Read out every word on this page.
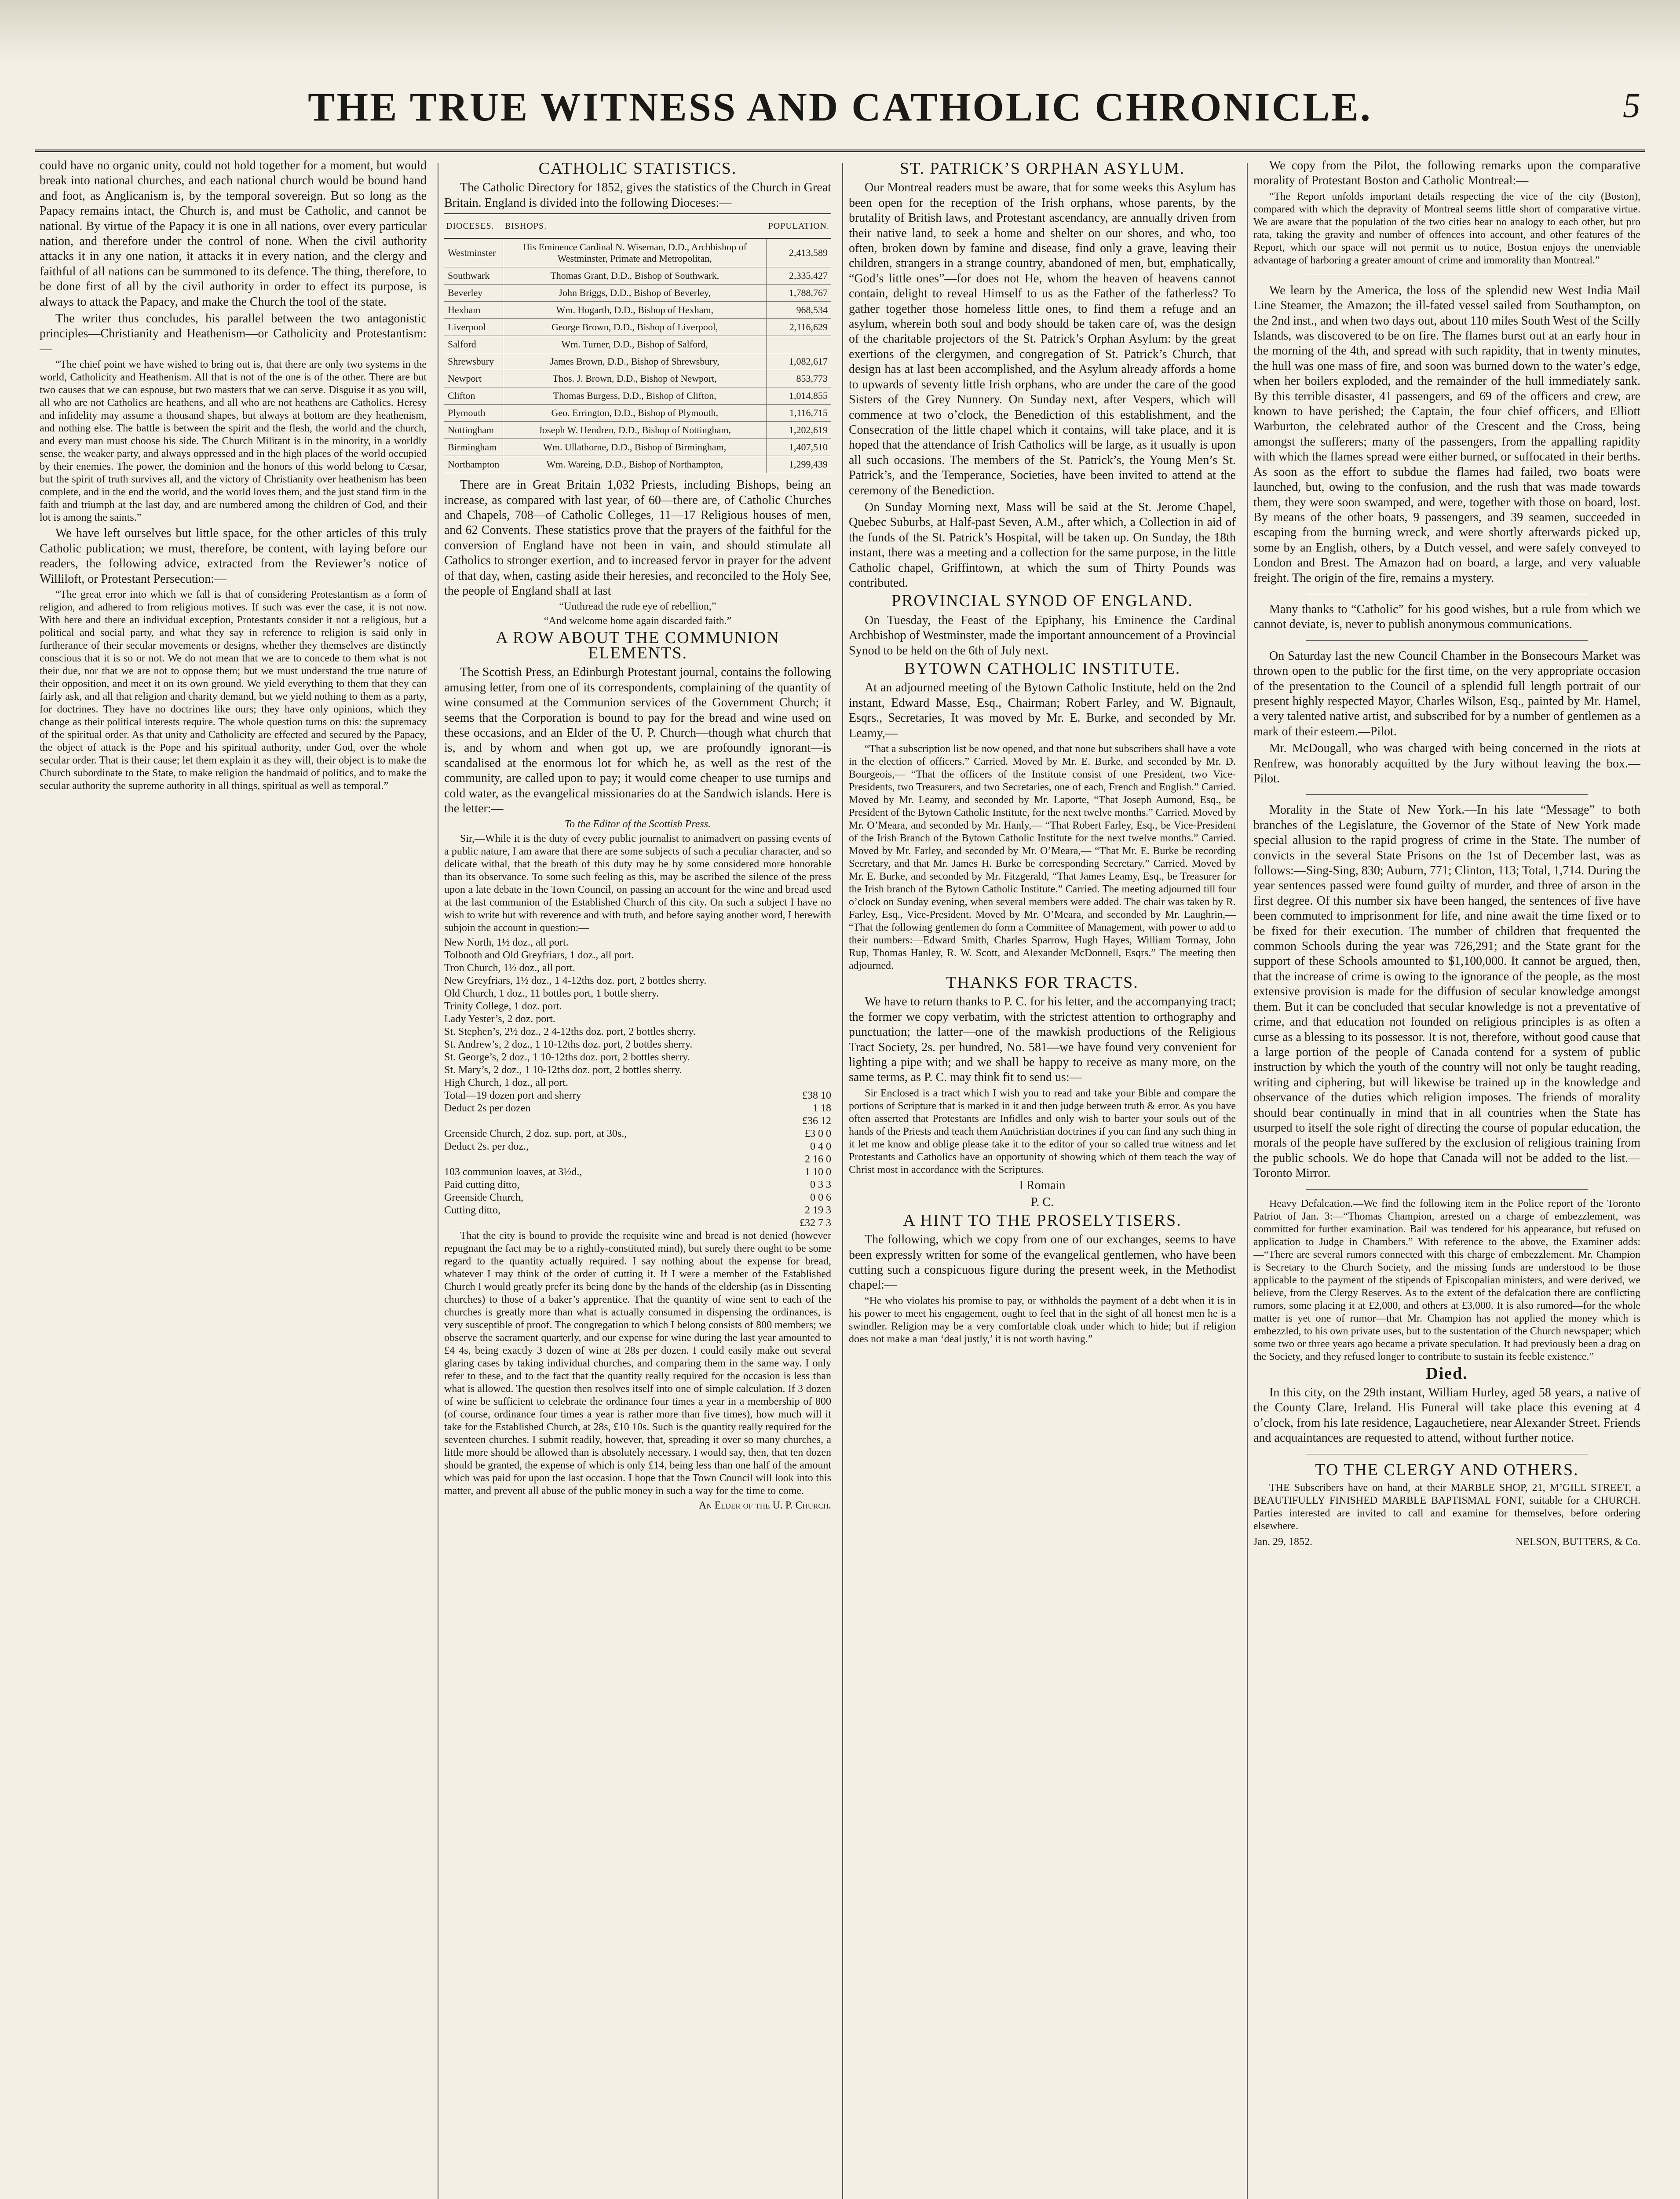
THE TRUE WITNESS AND CATHOLIC CHRONICLE.	5

could have no organic unity, could not hold together for a moment, but would break into national churches, and each national church would be bound hand and foot, as Anglicanism is, by the temporal sovereign. But so long as the Papacy remains intact, the Church is, and must be Catholic, and cannot be national. By virtue of the Papacy it is one in all nations, over every particular nation, and therefore under the control of none. When the civil authority attacks it in any one nation, it attacks it in every nation, and the clergy and faithful of all nations can be summoned to its defence. The thing, therefore, to be done first of all by the civil authority in order to effect its purpose, is always to attack the Papacy, and make the Church the tool of the state.

The writer thus concludes, his parallel between the two antagonistic principles—Christianity and Heathenism—or Catholicity and Protestantism:—

“The chief point we have wished to bring out is, that there are only two systems in the world, Catholicity and Heathenism. All that is not of the one is of the other. There are but two causes that we can espouse, but two masters that we can serve. Disguise it as you will, all who are not Catholics are heathens, and all who are not heathens are Catholics. Heresy and infidelity may assume a thousand shapes, but always at bottom are they heathenism, and nothing else. The battle is between the spirit and the flesh, the world and the church, and every man must choose his side. The Church Militant is in the minority, in a worldly sense, the weaker party, and always oppressed and in the high places of the world occupied by their enemies. The power, the dominion and the honors of this world belong to Cæsar, but the spirit of truth survives all, and the victory of Christianity over heathenism has been complete, and in the end the world, and the world loves them, and the just stand firm in the faith and triumph at the last day, and are numbered among the children of God, and their lot is among the saints.”

We have left ourselves but little space, for the other articles of this truly Catholic publication; we must, therefore, be content, with laying before our readers, the following advice, extracted from the Reviewer’s notice of Williloft, or Protestant Persecution:—

“The great error into which we fall is that of considering Protestantism as a form of religion, and adhered to from religious motives. If such was ever the case, it is not now. With here and there an individual exception, Protestants consider it not a religious, but a political and social party, and what they say in reference to religion is said only in furtherance of their secular movements or designs, whether they themselves are distinctly conscious that it is so or not. We do not mean that we are to concede to them what is not their due, nor that we are not to oppose them; but we must understand the true nature of their opposition, and meet it on its own ground. We yield everything to them that they can fairly ask, and all that religion and charity demand, but we yield nothing to them as a party, for doctrines. They have no doctrines like ours; they have only opinions, which they change as their political interests require. The whole question turns on this: the supremacy of the spiritual order. As that unity and Catholicity are effected and secured by the Papacy, the object of attack is the Pope and his spiritual authority, under God, over the whole secular order. That is their cause; let them explain it as they will, their object is to make the Church subordinate to the State, to make religion the handmaid of politics, and to make the secular authority the supreme authority in all things, spiritual as well as temporal.”

CATHOLIC STATISTICS.

The Catholic Directory for 1852, gives the statistics of the Church in Great Britain. England is divided into the following Dioceses:—

DIOCESES.	BISHOPS.	POPULATION.
Westminster	His Eminence Cardinal N. Wiseman, D.D., Archbishop of Westminster, Primate and Metropolitan,	2,413,589
Southwark	Thomas Grant, D.D., Bishop of Southwark,	2,335,427
Beverley	John Briggs, D.D., Bishop of Beverley,	1,788,767
Hexham	Wm. Hogarth, D.D., Bishop of Hexham,	968,534
Liverpool	George Brown, D.D., Bishop of Liverpool,	2,116,629
Salford	Wm. Turner, D.D., Bishop of Salford,	
Shrewsbury	James Brown, D.D., Bishop of Shrewsbury,	1,082,617
Newport	Thos. J. Brown, D.D., Bishop of Newport,	853,773
Clifton	Thomas Burgess, D.D., Bishop of Clifton,	1,014,855
Plymouth	Geo. Errington, D.D., Bishop of Plymouth,	1,116,715
Nottingham	Joseph W. Hendren, D.D., Bishop of Nottingham,	1,202,619
Birmingham	Wm. Ullathorne, D.D., Bishop of Birmingham,	1,407,510
Northampton	Wm. Wareing, D.D., Bishop of Northampton,	1,299,439

There are in Great Britain 1,032 Priests, including Bishops, being an increase, as compared with last year, of 60—there are, of Catholic Churches and Chapels, 708—of Catholic Colleges, 11—17 Religious houses of men, and 62 Convents. These statistics prove that the prayers of the faithful for the conversion of England have not been in vain, and should stimulate all Catholics to stronger exertion, and to increased fervor in prayer for the advent of that day, when, casting aside their heresies, and reconciled to the Holy See, the people of England shall at last

“Unthread the rude eye of rebellion,”

“And welcome home again discarded faith.”

A ROW ABOUT THE COMMUNION ELEMENTS.

The Scottish Press, an Edinburgh Protestant journal, contains the following amusing letter, from one of its correspondents, complaining of the quantity of wine consumed at the Communion services of the Government Church; it seems that the Corporation is bound to pay for the bread and wine used on these occasions, and an Elder of the U. P. Church—though what church that is, and by whom and when got up, we are profoundly ignorant—is scandalised at the enormous lot for which he, as well as the rest of the community, are called upon to pay; it would come cheaper to use turnips and cold water, as the evangelical missionaries do at the Sandwich islands. Here is the letter:—

To the Editor of the Scottish Press.

Sir,—While it is the duty of every public journalist to animadvert on passing events of a public nature, I am aware that there are some subjects of such a peculiar character, and so delicate withal, that the breath of this duty may be by some considered more honorable than its observance. To some such feeling as this, may be ascribed the silence of the press upon a late debate in the Town Council, on passing an account for the wine and bread used at the last communion of the Established Church of this city. On such a subject I have no wish to write but with reverence and with truth, and before saying another word, I herewith subjoin the account in question:—

New North, 1½ doz., all port.
Tolbooth and Old Greyfriars, 1 doz., all port.
Tron Church, 1½ doz., all port.
New Greyfriars, 1½ doz., 1 4-12ths doz. port, 2 bottles sherry.
Old Church, 1 doz., 11 bottles port, 1 bottle sherry.
Trinity College, 1 doz. port.
Lady Yester’s, 2 doz. port.
St. Stephen’s, 2½ doz., 2 4-12ths doz. port, 2 bottles sherry.
St. Andrew’s, 2 doz., 1 10-12ths doz. port, 2 bottles sherry.
St. George’s, 2 doz., 1 10-12ths doz. port, 2 bottles sherry.
St. Mary’s, 2 doz., 1 10-12ths doz. port, 2 bottles sherry.
High Church, 1 doz., all port.
Total—19 dozen port and sherry	£38 10
Deduct 2s per dozen	1 18
£36 12
Greenside Church, 2 doz. sup. port, at 30s.,	£3 0 0
Deduct 2s. per doz.,	0 4 0
2 16 0
103 communion loaves, at 3½d.,	1 10 0
Paid cutting ditto,	0 3 3
Greenside Church,	0 0 6
Cutting ditto,	2 19 3
£32 7 3

That the city is bound to provide the requisite wine and bread is not denied (however repugnant the fact may be to a rightly-constituted mind), but surely there ought to be some regard to the quantity actually required. I say nothing about the expense for bread, whatever I may think of the order of cutting it. If I were a member of the Established Church I would greatly prefer its being done by the hands of the eldership (as in Dissenting churches) to those of a baker’s apprentice. That the quantity of wine sent to each of the churches is greatly more than what is actually consumed in dispensing the ordinances, is very susceptible of proof. The congregation to which I belong consists of 800 members; we observe the sacrament quarterly, and our expense for wine during the last year amounted to £4 4s, being exactly 3 dozen of wine at 28s per dozen. I could easily make out several glaring cases by taking individual churches, and comparing them in the same way. I only refer to these, and to the fact that the quantity really required for the occasion is less than what is allowed. The question then resolves itself into one of simple calculation. If 3 dozen of wine be sufficient to celebrate the ordinance four times a year in a membership of 800 (of course, ordinance four times a year is rather more than five times), how much will it take for the Established Church, at 28s, £10 10s. Such is the quantity really required for the seventeen churches. I submit readily, however, that, spreading it over so many churches, a little more should be allowed than is absolutely necessary. I would say, then, that ten dozen should be granted, the expense of which is only £14, being less than one half of the amount which was paid for upon the last occasion. I hope that the Town Council will look into this matter, and prevent all abuse of the public money in such a way for the time to come.

An Elder of the U. P. Church.

ST. PATRICK’S ORPHAN ASYLUM.

Our Montreal readers must be aware, that for some weeks this Asylum has been open for the reception of the Irish orphans, whose parents, by the brutality of British laws, and Protestant ascendancy, are annually driven from their native land, to seek a home and shelter on our shores, and who, too often, broken down by famine and disease, find only a grave, leaving their children, strangers in a strange country, abandoned of men, but, emphatically, “God’s little ones”—for does not He, whom the heaven of heavens cannot contain, delight to reveal Himself to us as the Father of the fatherless? To gather together those homeless little ones, to find them a refuge and an asylum, wherein both soul and body should be taken care of, was the design of the charitable projectors of the St. Patrick’s Orphan Asylum: by the great exertions of the clergymen, and congregation of St. Patrick’s Church, that design has at last been accomplished, and the Asylum already affords a home to upwards of seventy little Irish orphans, who are under the care of the good Sisters of the Grey Nunnery. On Sunday next, after Vespers, which will commence at two o’clock, the Benediction of this establishment, and the Consecration of the little chapel which it contains, will take place, and it is hoped that the attendance of Irish Catholics will be large, as it usually is upon all such occasions. The members of the St. Patrick’s, the Young Men’s St. Patrick’s, and the Temperance, Societies, have been invited to attend at the ceremony of the Benediction.

On Sunday Morning next, Mass will be said at the St. Jerome Chapel, Quebec Suburbs, at Half-past Seven, A.M., after which, a Collection in aid of the funds of the St. Patrick’s Hospital, will be taken up. On Sunday, the 18th instant, there was a meeting and a collection for the same purpose, in the little Catholic chapel, Griffintown, at which the sum of Thirty Pounds was contributed.

PROVINCIAL SYNOD OF ENGLAND.

On Tuesday, the Feast of the Epiphany, his Eminence the Cardinal Archbishop of Westminster, made the important announcement of a Provincial Synod to be held on the 6th of July next.

BYTOWN CATHOLIC INSTITUTE.

At an adjourned meeting of the Bytown Catholic Institute, held on the 2nd instant, Edward Masse, Esq., Chairman; Robert Farley, and W. Bignault, Esqrs., Secretaries, It was moved by Mr. E. Burke, and seconded by Mr. Leamy,—

“That a subscription list be now opened, and that none but subscribers shall have a vote in the election of officers.” Carried. Moved by Mr. E. Burke, and seconded by Mr. D. Bourgeois,— “That the officers of the Institute consist of one President, two Vice-Presidents, two Treasurers, and two Secretaries, one of each, French and English.” Carried. Moved by Mr. Leamy, and seconded by Mr. Laporte, “That Joseph Aumond, Esq., be President of the Bytown Catholic Institute, for the next twelve months.” Carried. Moved by Mr. O’Meara, and seconded by Mr. Hanly,— “That Robert Farley, Esq., be Vice-President of the Irish Branch of the Bytown Catholic Institute for the next twelve months.” Carried. Moved by Mr. Farley, and seconded by Mr. O’Meara,— “That Mr. E. Burke be recording Secretary, and that Mr. James H. Burke be corresponding Secretary.” Carried. Moved by Mr. E. Burke, and seconded by Mr. Fitzgerald, “That James Leamy, Esq., be Treasurer for the Irish branch of the Bytown Catholic Institute.” Carried. The meeting adjourned till four o’clock on Sunday evening, when several members were added. The chair was taken by R. Farley, Esq., Vice-President. Moved by Mr. O’Meara, and seconded by Mr. Laughrin,— “That the following gentlemen do form a Committee of Management, with power to add to their numbers:—Edward Smith, Charles Sparrow, Hugh Hayes, William Tormay, John Rup, Thomas Hanley, R. W. Scott, and Alexander McDonnell, Esqrs.” The meeting then adjourned.

THANKS FOR TRACTS.

We have to return thanks to P. C. for his letter, and the accompanying tract; the former we copy verbatim, with the strictest attention to orthography and punctuation; the latter—one of the mawkish productions of the Religious Tract Society, 2s. per hundred, No. 581—we have found very convenient for lighting a pipe with; and we shall be happy to receive as many more, on the same terms, as P. C. may think fit to send us:—

Sir Enclosed is a tract which I wish you to read and take your Bible and compare the portions of Scripture that is marked in it and then judge between truth & error. As you have often asserted that Protestants are Infidles and only wish to barter your souls out of the hands of the Priests and teach them Antichristian doctrines if you can find any such thing in it let me know and oblige please take it to the editor of your so called true witness and let Protestants and Catholics have an opportunity of showing which of them teach the way of Christ most in accordance with the Scriptures.

I Romain

P. C.

A HINT TO THE PROSELYTISERS.

The following, which we copy from one of our exchanges, seems to have been expressly written for some of the evangelical gentlemen, who have been cutting such a conspicuous figure during the present week, in the Methodist chapel:—

“He who violates his promise to pay, or withholds the payment of a debt when it is in his power to meet his engagement, ought to feel that in the sight of all honest men he is a swindler. Religion may be a very comfortable cloak under which to hide; but if religion does not make a man ‘deal justly,’ it is not worth having.”

We copy from the Pilot, the following remarks upon the comparative morality of Protestant Boston and Catholic Montreal:—

“The Report unfolds important details respecting the vice of the city (Boston), compared with which the depravity of Montreal seems little short of comparative virtue. We are aware that the population of the two cities bear no analogy to each other, but pro rata, taking the gravity and number of offences into account, and other features of the Report, which our space will not permit us to notice, Boston enjoys the unenviable advantage of harboring a greater amount of crime and immorality than Montreal.”

We learn by the America, the loss of the splendid new West India Mail Line Steamer, the Amazon; the ill-fated vessel sailed from Southampton, on the 2nd inst., and when two days out, about 110 miles South West of the Scilly Islands, was discovered to be on fire. The flames burst out at an early hour in the morning of the 4th, and spread with such rapidity, that in twenty minutes, the hull was one mass of fire, and soon was burned down to the water’s edge, when her boilers exploded, and the remainder of the hull immediately sank. By this terrible disaster, 41 passengers, and 69 of the officers and crew, are known to have perished; the Captain, the four chief officers, and Elliott Warburton, the celebrated author of the Crescent and the Cross, being amongst the sufferers; many of the passengers, from the appalling rapidity with which the flames spread were either burned, or suffocated in their berths. As soon as the effort to subdue the flames had failed, two boats were launched, but, owing to the confusion, and the rush that was made towards them, they were soon swamped, and were, together with those on board, lost. By means of the other boats, 9 passengers, and 39 seamen, succeeded in escaping from the burning wreck, and were shortly afterwards picked up, some by an English, others, by a Dutch vessel, and were safely conveyed to London and Brest. The Amazon had on board, a large, and very valuable freight. The origin of the fire, remains a mystery.

Many thanks to “Catholic” for his good wishes, but a rule from which we cannot deviate, is, never to publish anonymous communications.

On Saturday last the new Council Chamber in the Bonsecours Market was thrown open to the public for the first time, on the very appropriate occasion of the presentation to the Council of a splendid full length portrait of our present highly respected Mayor, Charles Wilson, Esq., painted by Mr. Hamel, a very talented native artist, and subscribed for by a number of gentlemen as a mark of their esteem.—Pilot.

Mr. McDougall, who was charged with being concerned in the riots at Renfrew, was honorably acquitted by the Jury without leaving the box.—Pilot.

Morality in the State of New York.—In his late “Message” to both branches of the Legislature, the Governor of the State of New York made special allusion to the rapid progress of crime in the State. The number of convicts in the several State Prisons on the 1st of December last, was as follows:—Sing-Sing, 830; Auburn, 771; Clinton, 113; Total, 1,714. During the year sentences passed were found guilty of murder, and three of arson in the first degree. Of this number six have been hanged, the sentences of five have been commuted to imprisonment for life, and nine await the time fixed or to be fixed for their execution. The number of children that frequented the common Schools during the year was 726,291; and the State grant for the support of these Schools amounted to $1,100,000. It cannot be argued, then, that the increase of crime is owing to the ignorance of the people, as the most extensive provision is made for the diffusion of secular knowledge amongst them. But it can be concluded that secular knowledge is not a preventative of crime, and that education not founded on religious principles is as often a curse as a blessing to its possessor. It is not, therefore, without good cause that a large portion of the people of Canada contend for a system of public instruction by which the youth of the country will not only be taught reading, writing and ciphering, but will likewise be trained up in the knowledge and observance of the duties which religion imposes. The friends of morality should bear continually in mind that in all countries when the State has usurped to itself the sole right of directing the course of popular education, the morals of the people have suffered by the exclusion of religious training from the public schools. We do hope that Canada will not be added to the list.—Toronto Mirror.

Heavy Defalcation.—We find the following item in the Police report of the Toronto Patriot of Jan. 3:—“Thomas Champion, arrested on a charge of embezzlement, was committed for further examination. Bail was tendered for his appearance, but refused on application to Judge in Chambers.” With reference to the above, the Examiner adds:—“There are several rumors connected with this charge of embezzlement. Mr. Champion is Secretary to the Church Society, and the missing funds are understood to be those applicable to the payment of the stipends of Episcopalian ministers, and were derived, we believe, from the Clergy Reserves. As to the extent of the defalcation there are conflicting rumors, some placing it at £2,000, and others at £3,000. It is also rumored—for the whole matter is yet one of rumor—that Mr. Champion has not applied the money which is embezzled, to his own private uses, but to the sustentation of the Church newspaper; which some two or three years ago became a private speculation. It had previously been a drag on the Society, and they refused longer to contribute to sustain its feeble existence.”

Died.

In this city, on the 29th instant, William Hurley, aged 58 years, a native of the County Clare, Ireland. His Funeral will take place this evening at 4 o’clock, from his late residence, Lagauchetiere, near Alexander Street. Friends and acquaintances are requested to attend, without further notice.

TO THE CLERGY AND OTHERS.

THE Subscribers have on hand, at their MARBLE SHOP, 21, M’GILL STREET, a BEAUTIFULLY FINISHED MARBLE BAPTISMAL FONT, suitable for a CHURCH. Parties interested are invited to call and examine for themselves, before ordering elsewhere.

Jan. 29, 1852.	NELSON, BUTTERS, & Co.
